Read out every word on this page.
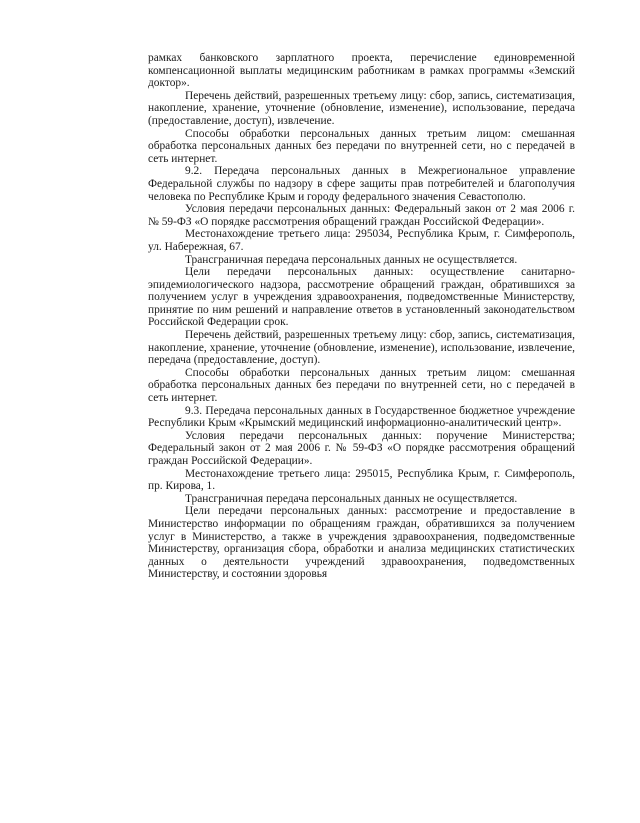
рамках банковского зарплатного проекта, перечисление единовременной компенсационной выплаты медицинским работникам в рамках программы «Земский доктор».

Перечень действий, разрешенных третьему лицу: сбор, запись, систематизация, накопление, хранение, уточнение (обновление, изменение), использование, передача (предоставление, доступ), извлечение.

Способы обработки персональных данных третьим лицом: смешанная обработка персональных данных без передачи по внутренней сети, но с передачей в сеть интернет.

9.2. Передача персональных данных в Межрегиональное управление Федеральной службы по надзору в сфере защиты прав потребителей и благополучия человека по Республике Крым и городу федерального значения Севастополю.

Условия передачи персональных данных: Федеральный закон от 2 мая 2006 г. № 59-ФЗ «О порядке рассмотрения обращений граждан Российской Федерации».

Местонахождение третьего лица: 295034, Республика Крым, г. Симферополь, ул. Набережная, 67.

Трансграничная передача персональных данных не осуществляется.

Цели передачи персональных данных: осуществление санитарно-эпидемиологического надзора, рассмотрение обращений граждан, обратившихся за получением услуг в учреждения здравоохранения, подведомственные Министерству, принятие по ним решений и направление ответов в установленный законодательством Российской Федерации срок.

Перечень действий, разрешенных третьему лицу: сбор, запись, систематизация, накопление, хранение, уточнение (обновление, изменение), использование, извлечение, передача (предоставление, доступ).

Способы обработки персональных данных третьим лицом: смешанная обработка персональных данных без передачи по внутренней сети, но с передачей в сеть интернет.

9.3. Передача персональных данных в Государственное бюджетное учреждение Республики Крым «Крымский медицинский информационно-аналитический центр».

Условия передачи персональных данных: поручение Министерства; Федеральный закон от 2 мая 2006 г. № 59-ФЗ «О порядке рассмотрения обращений граждан Российской Федерации».

Местонахождение третьего лица: 295015, Республика Крым, г. Симферополь, пр. Кирова, 1.

Трансграничная передача персональных данных не осуществляется.

Цели передачи персональных данных: рассмотрение и предоставление в Министерство информации по обращениям граждан, обратившихся за получением услуг в Министерство, а также в учреждения здравоохранения, подведомственные Министерству, организация сбора, обработки и анализа медицинских статистических данных о деятельности учреждений здравоохранения, подведомственных Министерству, и состоянии здоровья
